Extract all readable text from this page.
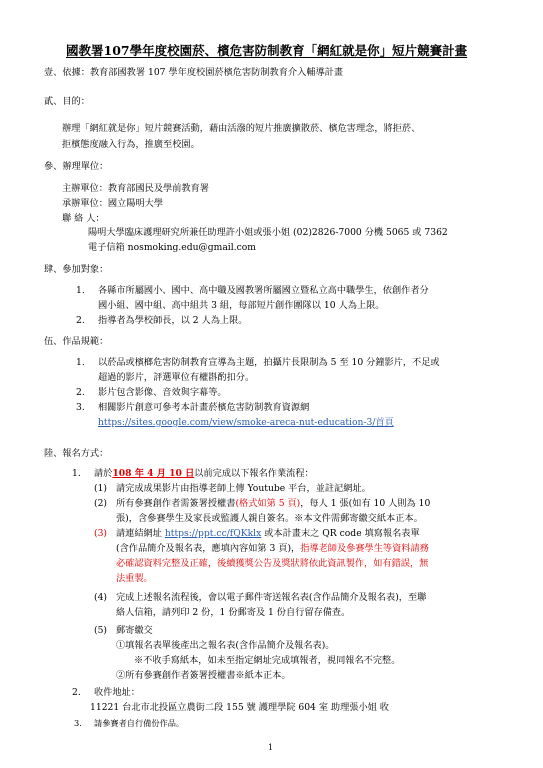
國教署107學年度校園菸、檳危害防制教育「網紅就是你」短片競賽計畫
壹、依據：教育部國教署 107 學年度校園菸檳危害防制教育介入輔導計畫
貳、目的：
辦理「網紅就是你」短片競賽活動，藉由活潑的短片推廣擴散菸、檳危害理念，將拒菸、
拒檳態度融入行為，推廣至校園。
參、辦理單位：
主辦單位：教育部國民及學前教育署
承辦單位：國立陽明大學
聯 絡 人：
陽明大學臨床護理研究所兼任助理許小姐或張小姐 (02)2826-7000 分機 5065 或 7362
電子信箱 nosmoking.edu@gmail.com
肆、參加對象：
1. 各縣市所屬國小、國中、高中職及國教署所屬國立暨私立高中職學生，依創作者分
國小組、國中組、高中組共 3 組，每部短片創作團隊以 10 人為上限。
2. 指導者為學校師長，以 2 人為上限。
伍、作品規範：
1. 以菸品或檳榔危害防制教育宣導為主題，拍攝片長限制為 5 至 10 分鐘影片，不足或
超過的影片，評選單位有權斟酌扣分。
2. 影片包含影像、音效與字幕等。
3. 相關影片創意可參考本計畫菸檳危害防制教育資源網
https://sites.google.com/view/smoke-areca-nut-education-3/首頁
陸、報名方式：
1. 請於108 年 4 月 10 日以前完成以下報名作業流程：
(1) 請完成成果影片由指導老師上傳 Youtube 平台，並註記網址。
(2) 所有參賽創作者需簽署授權書(格式如第 5 頁)，每人 1 張(如有 10 人則為 10
張)，含參賽學生及家長或監護人親自簽名。※本文件需郵寄繳交紙本正本。
(3) 請連結網址 https://ppt.cc/fQKklx 或本計畫末之 QR code 填寫報名表單
(含作品簡介及報名表，應填內容如第 3 頁)，指導老師及參賽學生等資料請務
必確認資料完整及正確，後續獲獎公告及獎狀將依此資訊製作，如有錯誤，無
法重製。
(4) 完成上述報名流程後，會以電子郵件寄送報名表(含作品簡介及報名表)，至聯
絡人信箱，請列印 2 份，1 份郵寄及 1 份自行留存備查。
(5) 郵寄繳交
①填報名表單後產出之報名表(含作品簡介及報名表)。
※不收手寫紙本，如未至指定網址完成填報者，視同報名不完整。
②所有參賽創作者簽署授權書※紙本正本。
2. 收件地址：
11221 台北市北投區立農街二段 155 號 護理學院 604 室 助理張小姐 收
3. 請參賽者自行備份作品。
1
